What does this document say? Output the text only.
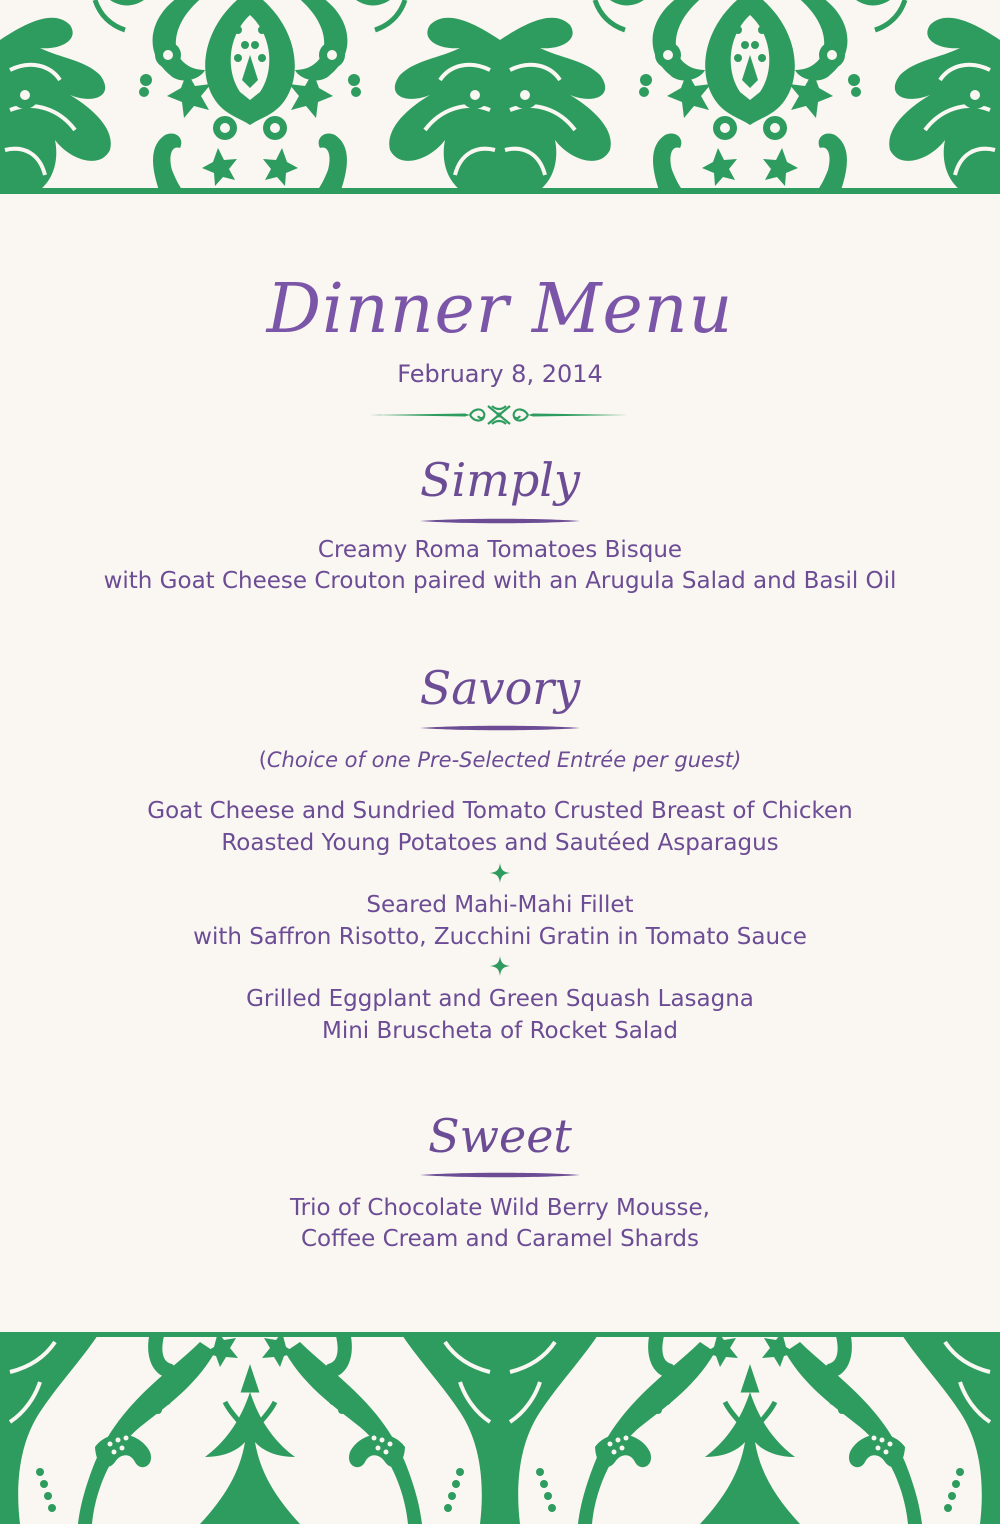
Dinner Menu
February 8, 2014
Simply
Creamy Roma Tomatoes Bisque
with Goat Cheese Crouton paired with an Arugula Salad and Basil Oil
Savory
(Choice of one Pre-Selected Entrée per guest)
Goat Cheese and Sundried Tomato Crusted Breast of Chicken
Roasted Young Potatoes and Sautéed Asparagus
Seared Mahi-Mahi Fillet
with Saffron Risotto, Zucchini Gratin in Tomato Sauce
Grilled Eggplant and Green Squash Lasagna
Mini Bruscheta of Rocket Salad
Sweet
Trio of Chocolate Wild Berry Mousse,
Coffee Cream and Caramel Shards
